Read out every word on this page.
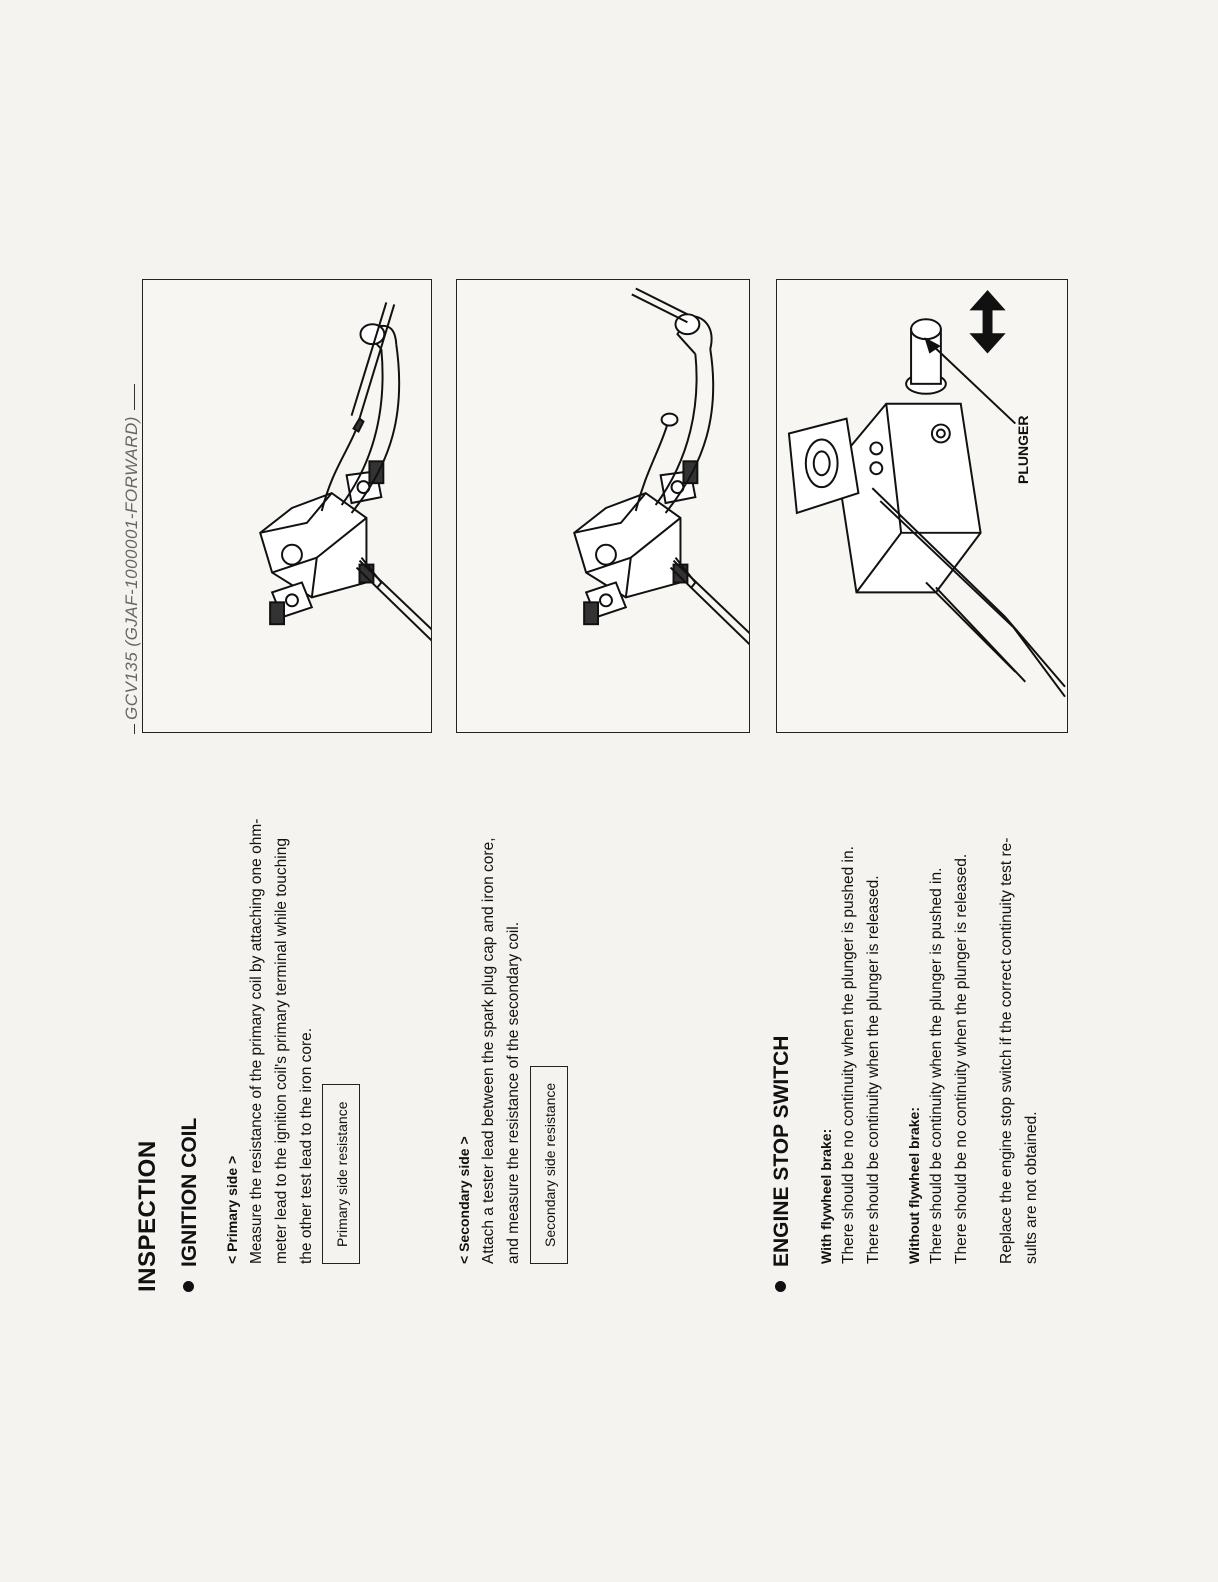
INSPECTION IGNITION COIL < Primary side > Measure the resistance of the primary coil by attaching one ohm- meter lead to the ignition coil's primary terminal while touching the other test lead to the iron core.	Primary side resistance	< Secondary side > Attach a tester lead between the spark plug cap and iron core, and measure the resistance of the secondary coil.	Secondary side resistance	ENGINE STOP SWITCH With flywheel brake: There should be no continuity when the plunger is pushed in. There should be continuity when the plunger is released. Without flywheel brake: There should be continuity when the plunger is pushed in. There should be no continuity when the plunger is released. Replace the engine stop switch if the correct continuity test re- sults are not obtained.
GCV135 (GJAF-1000001-FORWARD)	PLUNGER
